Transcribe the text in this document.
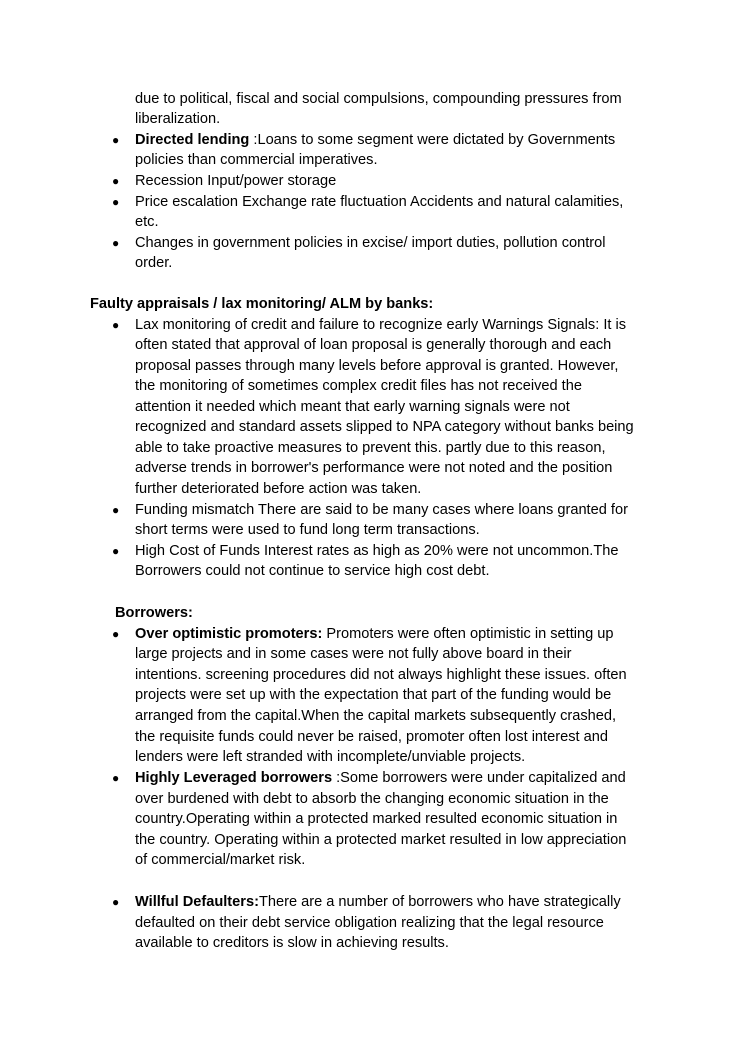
due to political, fiscal and social compulsions, compounding pressures from
liberalization.
● Directed lending :Loans to some segment were dictated by Governments
policies than commercial imperatives.
● Recession Input/power storage
● Price escalation Exchange rate fluctuation Accidents and natural calamities,
etc.
● Changes in government policies in excise/ import duties, pollution control
order.
Faulty appraisals / lax monitoring/ ALM by banks:
● Lax monitoring of credit and failure to recognize early Warnings Signals: It is
often stated that approval of loan proposal is generally thorough and each
proposal passes through many levels before approval is granted. However,
the monitoring of sometimes complex credit files has not received the
attention it needed which meant that early warning signals were not
recognized and standard assets slipped to NPA category without banks being
able to take proactive measures to prevent this. partly due to this reason,
adverse trends in borrower's performance were not noted and the position
further deteriorated before action was taken.
● Funding mismatch There are said to be many cases where loans granted for
short terms were used to fund long term transactions.
● High Cost of Funds Interest rates as high as 20% were not uncommon.The
Borrowers could not continue to service high cost debt.
Borrowers:
● Over optimistic promoters: Promoters were often optimistic in setting up
large projects and in some cases were not fully above board in their
intentions. screening procedures did not always highlight these issues. often
projects were set up with the expectation that part of the funding would be
arranged from the capital.When the capital markets subsequently crashed,
the requisite funds could never be raised, promoter often lost interest and
lenders were left stranded with incomplete/unviable projects.
● Highly Leveraged borrowers :Some borrowers were under capitalized and
over burdened with debt to absorb the changing economic situation in the
country.Operating within a protected marked resulted economic situation in
the country. Operating within a protected market resulted in low appreciation
of commercial/market risk.
● Willful Defaulters:There are a number of borrowers who have strategically
defaulted on their debt service obligation realizing that the legal resource
available to creditors is slow in achieving results.
